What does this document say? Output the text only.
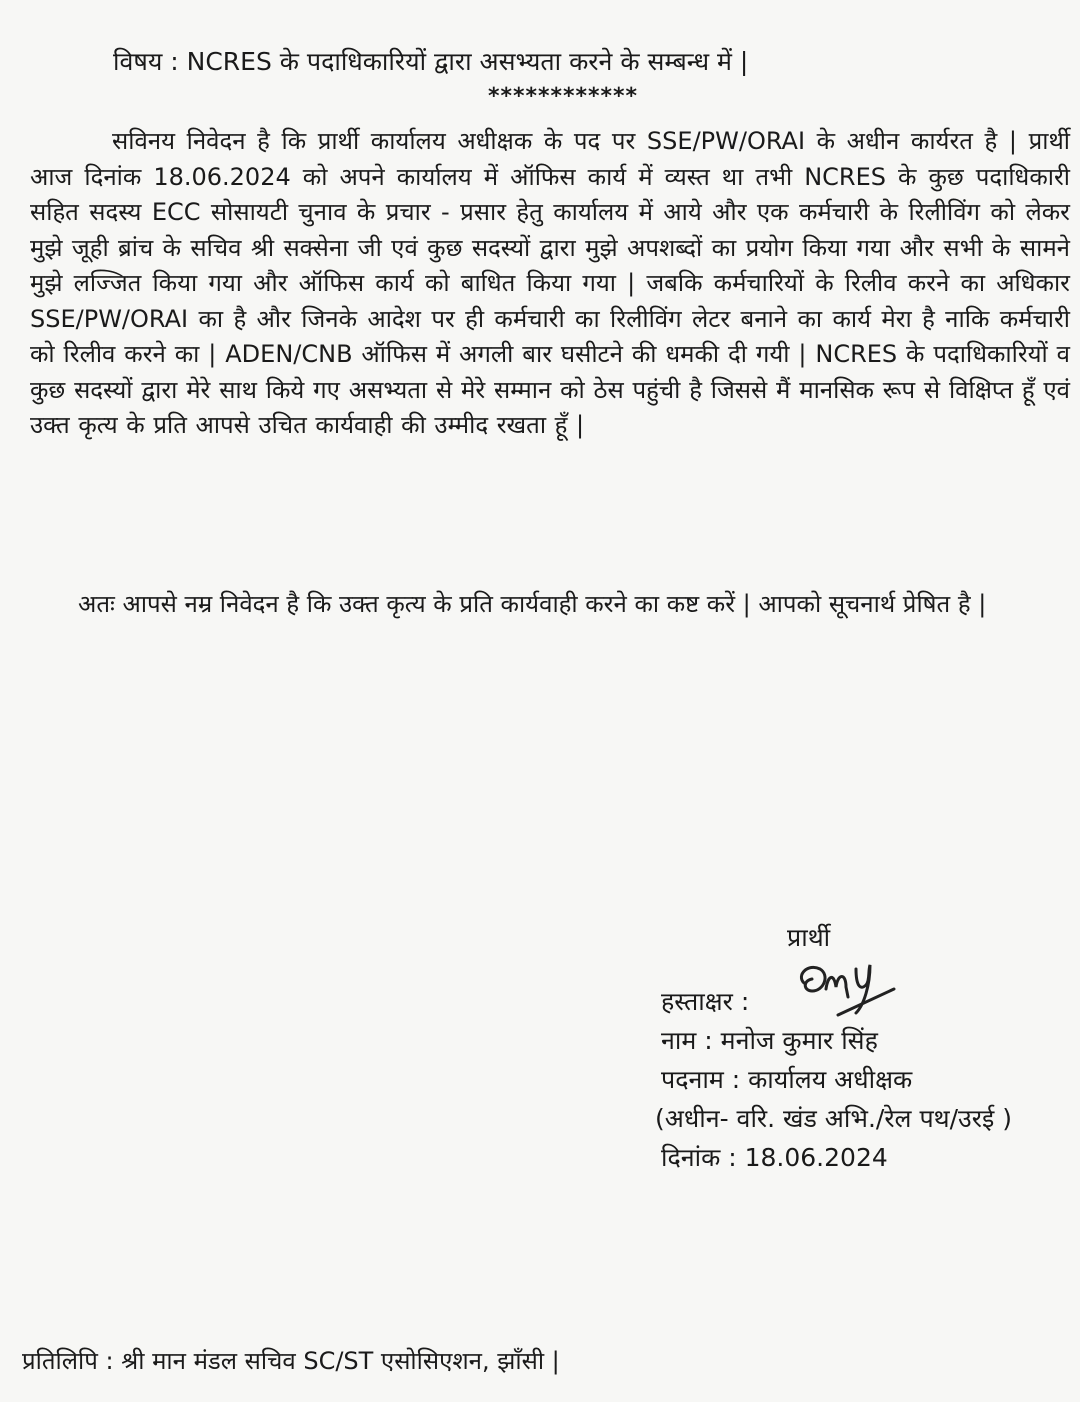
विषय : NCRES के पदाधिकारियों द्वारा असभ्यता करने के सम्बन्ध में |
************

सविनय निवेदन है कि प्रार्थी कार्यालय अधीक्षक के पद पर SSE/PW/ORAI के अधीन कार्यरत है | प्रार्थी आज दिनांक 18.06.2024 को अपने कार्यालय में ऑफिस कार्य में व्यस्त था तभी NCRES के कुछ पदाधिकारी सहित सदस्य ECC सोसायटी चुनाव के प्रचार - प्रसार हेतु कार्यालय में आये और एक कर्मचारी के रिलीविंग को लेकर मुझे जूही ब्रांच के सचिव श्री सक्सेना जी एवं कुछ सदस्यों द्वारा मुझे अपशब्दों का प्रयोग किया गया और सभी के सामने मुझे लज्जित किया गया और ऑफिस कार्य को बाधित किया गया | जबकि कर्मचारियों के रिलीव करने का अधिकार SSE/PW/ORAI का है और जिनके आदेश पर ही कर्मचारी का रिलीविंग लेटर बनाने का कार्य मेरा है नाकि कर्मचारी को रिलीव करने का | ADEN/CNB ऑफिस में अगली बार घसीटने की धमकी दी गयी | NCRES के पदाधिकारियों व कुछ सदस्यों द्वारा मेरे साथ किये गए असभ्यता से मेरे सम्मान को ठेस पहुंची है जिससे मैं मानसिक रूप से विक्षिप्त हूँ एवं उक्त कृत्य के प्रति आपसे उचित कार्यवाही की उम्मीद रखता हूँ |

अतः आपसे नम्र निवेदन है कि उक्त कृत्य के प्रति कार्यवाही करने का कष्ट करें | आपको सूचनार्थ प्रेषित है |

प्रार्थी
हस्ताक्षर :
नाम : मनोज कुमार सिंह
पदनाम : कार्यालय अधीक्षक
(अधीन- वरि. खंड अभि./रेल पथ/उरई )
दिनांक : 18.06.2024
प्रतिलिपि : श्री मान मंडल सचिव SC/ST एसोसिएशन, झाँसी |
